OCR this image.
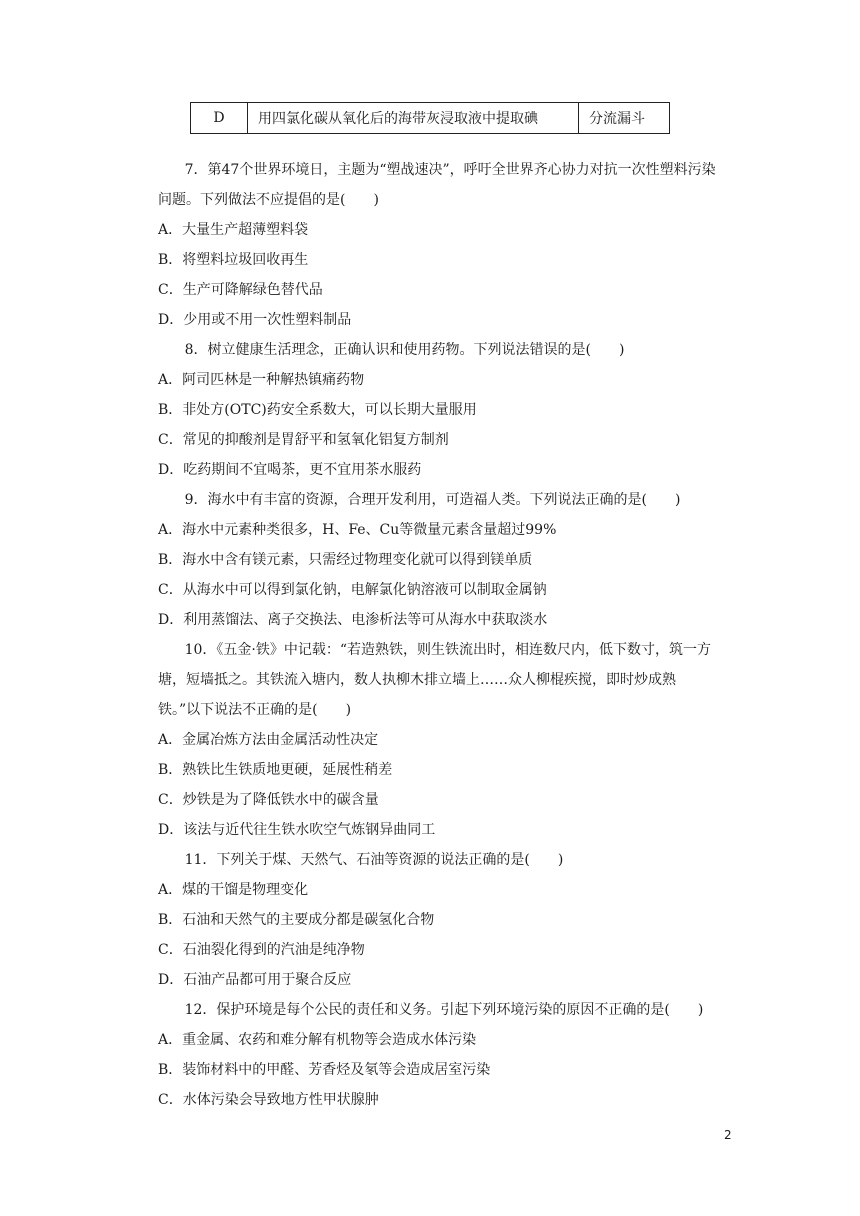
D	用四氯化碳从氧化后的海带灰浸取液中提取碘	分流漏斗

7．第47个世界环境日，主题为“塑战速决”，呼吁全世界齐心协力对抗一次性塑料污染问题。下列做法不应提倡的是(　　)

A．大量生产超薄塑料袋

B．将塑料垃圾回收再生

C．生产可降解绿色替代品

D．少用或不用一次性塑料制品

8．树立健康生活理念，正确认识和使用药物。下列说法错误的是(　　)

A．阿司匹林是一种解热镇痛药物

B．非处方(OTC)药安全系数大，可以长期大量服用

C．常见的抑酸剂是胃舒平和氢氧化铝复方制剂

D．吃药期间不宜喝茶，更不宜用茶水服药

9．海水中有丰富的资源，合理开发利用，可造福人类。下列说法正确的是(　　)

A．海水中元素种类很多，H、Fe、Cu等微量元素含量超过99%

B．海水中含有镁元素，只需经过物理变化就可以得到镁单质

C．从海水中可以得到氯化钠，电解氯化钠溶液可以制取金属钠

D．利用蒸馏法、离子交换法、电渗析法等可从海水中获取淡水

10．《五金·铁》中记载：“若造熟铁，则生铁流出时，相连数尺内，低下数寸，筑一方塘，短墙抵之。其铁流入塘内，数人执柳木排立墙上……众人柳棍疾搅，即时炒成熟铁。”以下说法不正确的是(　　)

A．金属冶炼方法由金属活动性决定

B．熟铁比生铁质地更硬，延展性稍差

C．炒铁是为了降低铁水中的碳含量

D．该法与近代往生铁水吹空气炼钢异曲同工

11．下列关于煤、天然气、石油等资源的说法正确的是(　　)

A．煤的干馏是物理变化

B．石油和天然气的主要成分都是碳氢化合物

C．石油裂化得到的汽油是纯净物

D．石油产品都可用于聚合反应

12．保护环境是每个公民的责任和义务。引起下列环境污染的原因不正确的是(　　)

A．重金属、农药和难分解有机物等会造成水体污染

B．装饰材料中的甲醛、芳香烃及氡等会造成居室污染

C．水体污染会导致地方性甲状腺肿

2
